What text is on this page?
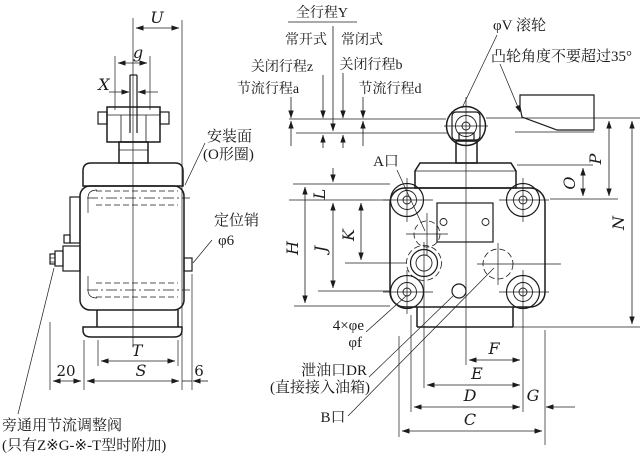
U
g
X
T
20	S	6
安装面
(O形圈)
定位销
φ6
旁通用节流调整阀
(只有Z※G-※-T型时附加)
全行程Y
常开式 常闭式
关闭行程z 关闭行程b
节流行程a	节流行程d
φV 滚轮
凸轮角度不要超过35°
H
L
J
K
O
P
N
F
E
D	G
C
A口
4×φe
φf
泄油口DR
(直接接入油箱)
B口
